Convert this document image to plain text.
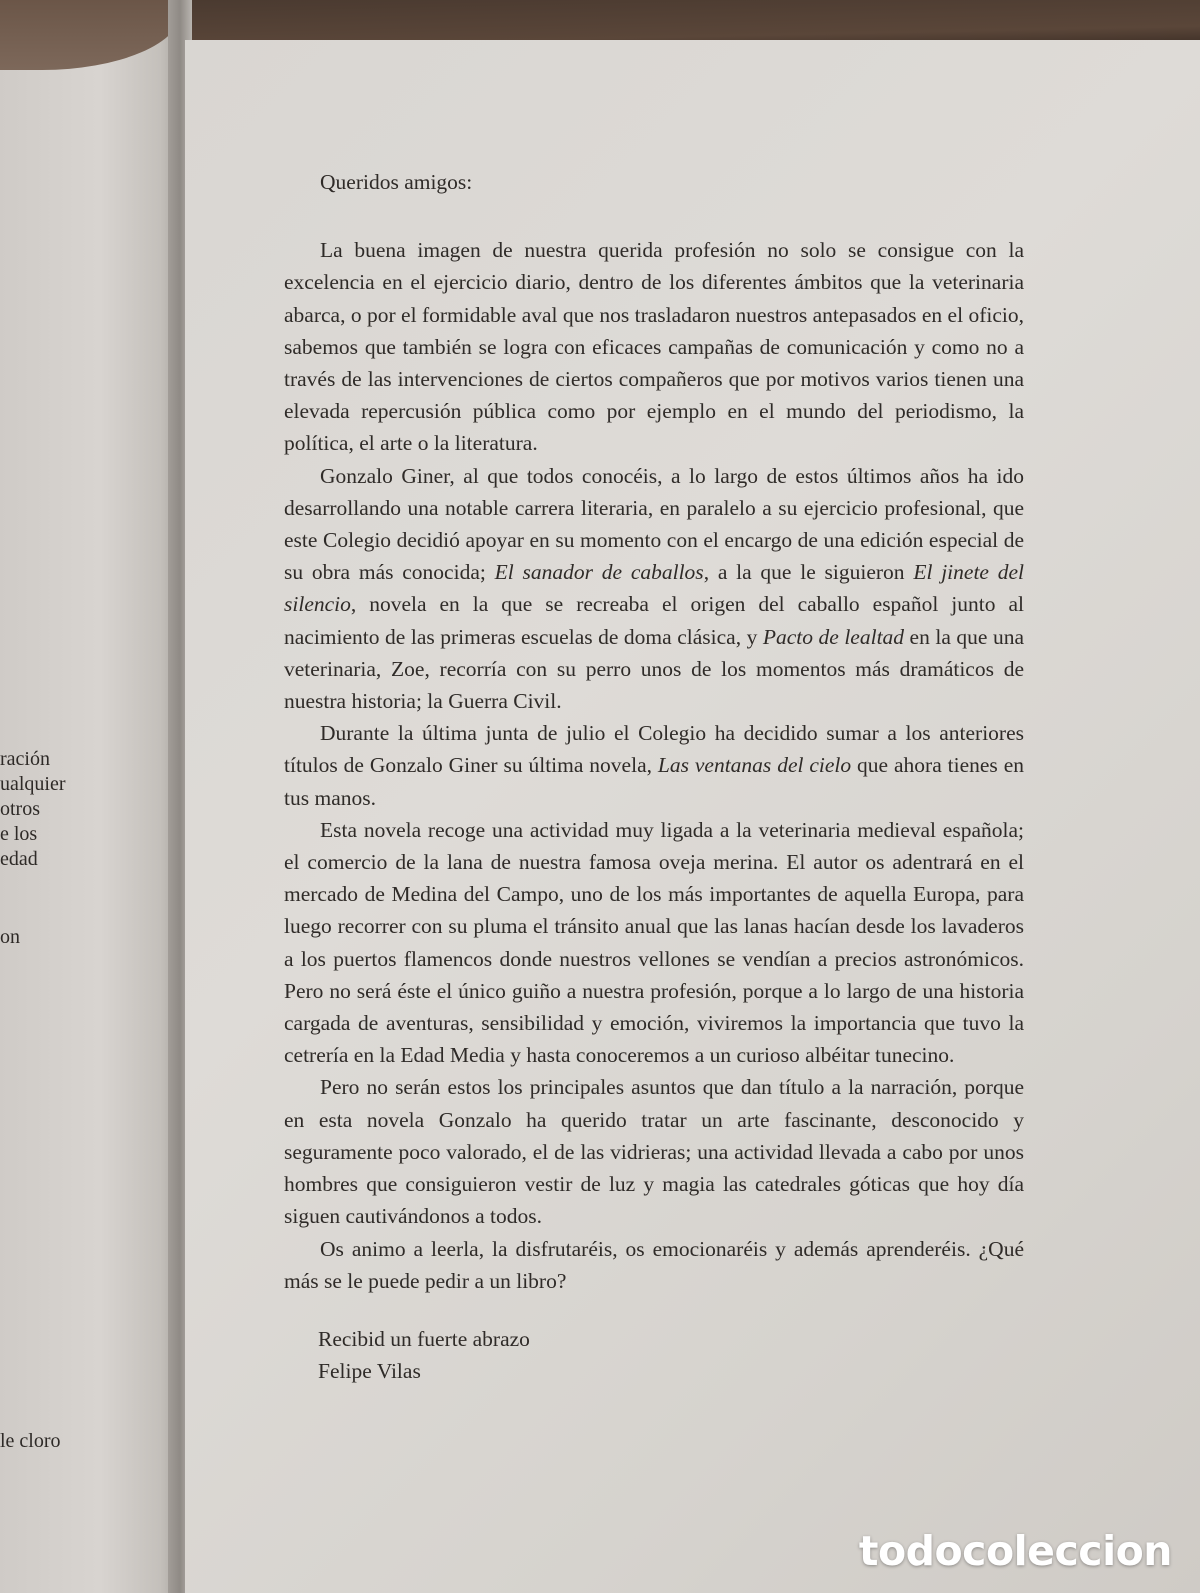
ración
ualquier
otros
e los
edad
on
le cloro

Queridos amigos:

La buena imagen de nuestra querida profesión no solo se consigue con la excelencia en el ejercicio diario, dentro de los diferentes ámbitos que la veterinaria abarca, o por el formidable aval que nos trasladaron nuestros antepasados en el oficio, sabemos que también se logra con eficaces campañas de comunicación y como no a través de las intervenciones de ciertos compañeros que por motivos varios tienen una elevada repercusión pública como por ejemplo en el mundo del periodismo, la política, el arte o la literatura.

Gonzalo Giner, al que todos conocéis, a lo largo de estos últimos años ha ido desarrollando una notable carrera literaria, en paralelo a su ejercicio profesional, que este Colegio decidió apoyar en su momento con el encargo de una edición especial de su obra más conocida; El sanador de caballos, a la que le siguieron El jinete del silencio, novela en la que se recreaba el origen del caballo español junto al nacimiento de las primeras escuelas de doma clásica, y Pacto de lealtad en la que una veterinaria, Zoe, recorría con su perro unos de los momentos más dramáticos de nuestra historia; la Guerra Civil.

Durante la última junta de julio el Colegio ha decidido sumar a los anteriores títulos de Gonzalo Giner su última novela, Las ventanas del cielo que ahora tienes en tus manos.

Esta novela recoge una actividad muy ligada a la veterinaria medieval española; el comercio de la lana de nuestra famosa oveja merina. El autor os adentrará en el mercado de Medina del Campo, uno de los más importantes de aquella Europa, para luego recorrer con su pluma el tránsito anual que las lanas hacían desde los lavaderos a los puertos flamencos donde nuestros vellones se vendían a precios astronómicos. Pero no será éste el único guiño a nuestra profesión, porque a lo largo de una historia cargada de aventuras, sensibilidad y emoción, viviremos la importancia que tuvo la cetrería en la Edad Media y hasta conoceremos a un curioso albéitar tunecino.

Pero no serán estos los principales asuntos que dan título a la narración, porque en esta novela Gonzalo ha querido tratar un arte fascinante, desconocido y seguramente poco valorado, el de las vidrieras; una actividad llevada a cabo por unos hombres que consiguieron vestir de luz y magia las catedrales góticas que hoy día siguen cautivándonos a todos.

Os animo a leerla, la disfrutaréis, os emocionaréis y además aprenderéis. ¿Qué más se le puede pedir a un libro?

Recibid un fuerte abrazo
Felipe Vilas

todocoleccion
